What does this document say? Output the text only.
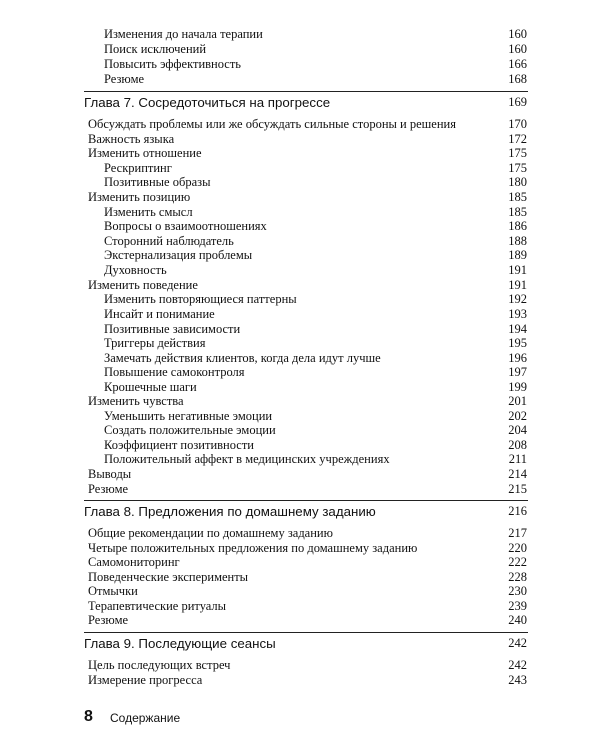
Изменения до начала терапии	160
Поиск исключений	160
Повысить эффективность	166
Резюме	168
Глава 7. Сосредоточиться на прогрессе	169
Обсуждать проблемы или же обсуждать сильные стороны и решения	170
Важность языка	172
Изменить отношение	175
Рескриптинг	175
Позитивные образы	180
Изменить позицию	185
Изменить смысл	185
Вопросы о взаимоотношениях	186
Сторонний наблюдатель	188
Экстернализация проблемы	189
Духовность	191
Изменить поведение	191
Изменить повторяющиеся паттерны	192
Инсайт и понимание	193
Позитивные зависимости	194
Триггеры действия	195
Замечать действия клиентов, когда дела идут лучше	196
Повышение самоконтроля	197
Крошечные шаги	199
Изменить чувства	201
Уменьшить негативные эмоции	202
Создать положительные эмоции	204
Коэффициент позитивности	208
Положительный аффект в медицинских учреждениях	211
Выводы	214
Резюме	215
Глава 8. Предложения по домашнему заданию	216
Общие рекомендации по домашнему заданию	217
Четыре положительных предложения по домашнему заданию	220
Самомониторинг	222
Поведенческие эксперименты	228
Отмычки	230
Терапевтические ритуалы	239
Резюме	240
Глава 9. Последующие сеансы	242
Цель последующих встреч	242
Измерение прогресса	243
8 Содержание
